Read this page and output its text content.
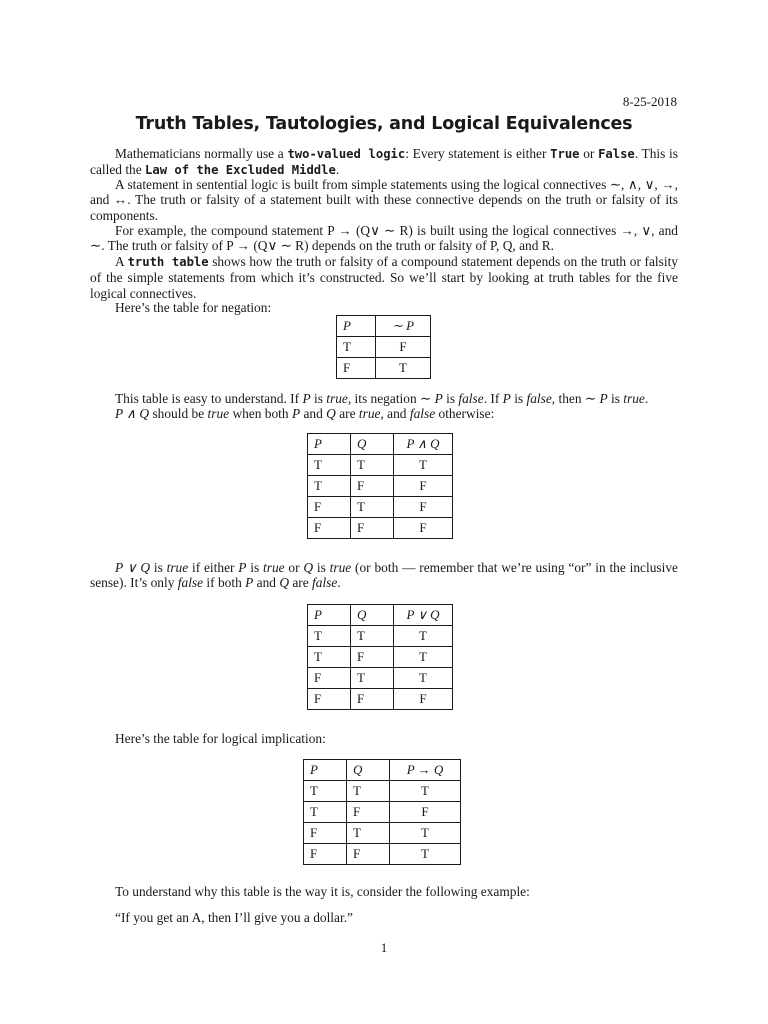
8-25-2018
Truth Tables, Tautologies, and Logical Equivalences
Mathematicians normally use a two-valued logic: Every statement is either True or False. This is called the Law of the Excluded Middle.
A statement in sentential logic is built from simple statements using the logical connectives ∼, ∧, ∨, →, and ↔. The truth or falsity of a statement built with these connective depends on the truth or falsity of its components.
For example, the compound statement P → (Q∨ ∼ R) is built using the logical connectives →, ∨, and ∼. The truth or falsity of P → (Q∨ ∼ R) depends on the truth or falsity of P, Q, and R.
A truth table shows how the truth or falsity of a compound statement depends on the truth or falsity of the simple statements from which it’s constructed. So we’ll start by looking at truth tables for the five logical connectives.
Here’s the table for negation:
P	∼ P
T	F
F	T
This table is easy to understand. If P is true, its negation ∼ P is false. If P is false, then ∼ P is true.
P ∧ Q should be true when both P and Q are true, and false otherwise:
P	Q	P ∧ Q
T	T	T
T	F	F
F	T	F
F	F	F
P ∨ Q is true if either P is true or Q is true (or both — remember that we’re using “or” in the inclusive sense). It’s only false if both P and Q are false.
P	Q	P ∨ Q
T	T	T
T	F	T
F	T	T
F	F	F
Here’s the table for logical implication:
P	Q	P → Q
T	T	T
T	F	F
F	T	T
F	F	T
To understand why this table is the way it is, consider the following example:
“If you get an A, then I’ll give you a dollar.”
1
